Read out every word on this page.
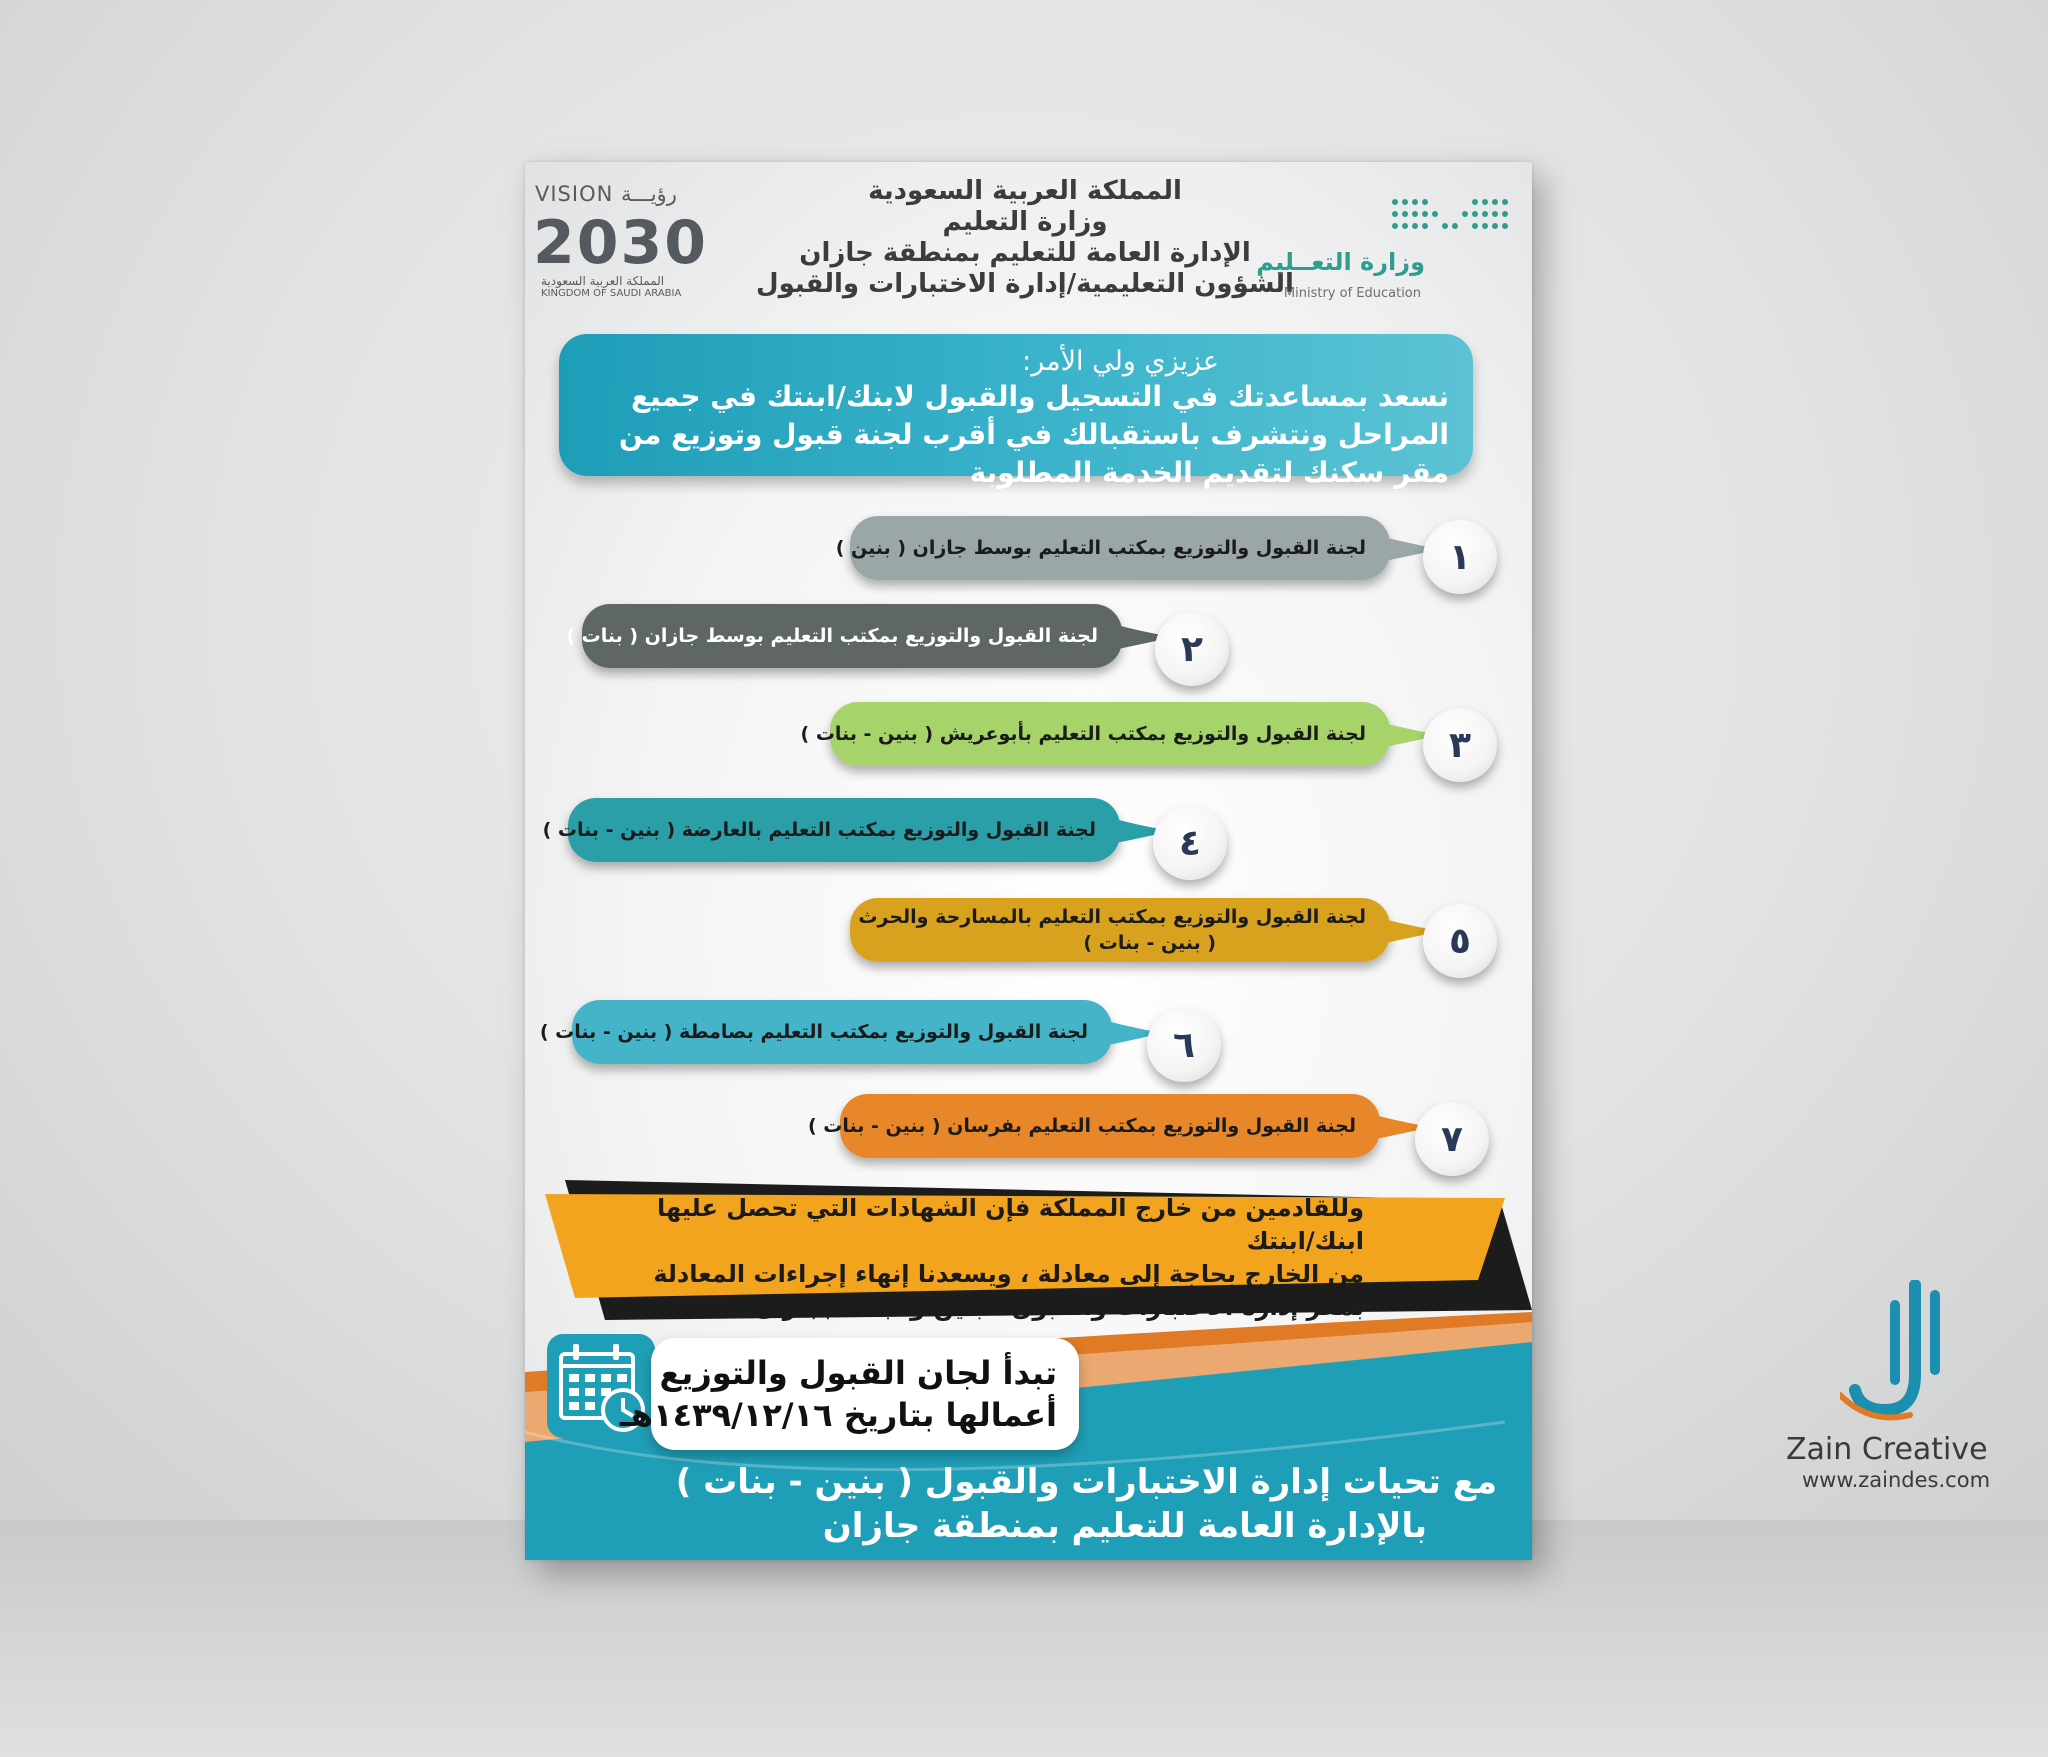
VISION رؤيـــة
2030
المملكة العربية السعودية
KINGDOM OF SAUDI ARABIA
المملكة العربية السعودية
وزارة التعليم
الإدارة العامة للتعليم بمنطقة جازان
الشؤون التعليمية/إدارة الاختبارات والقبول
وزارة التعــليم
Ministry of Education
عزيزي ولي الأمر:
نسعد بمساعدتك في التسجيل والقبول لابنك/ابنتك في جميع المراحل ونتشرف باستقبالك في أقرب لجنة قبول وتوزيع من مقر سكنك لتقديم الخدمة المطلوبة
لجنة القبول والتوزيع بمكتب التعليم بوسط جازان ( بنين )	١
لجنة القبول والتوزيع بمكتب التعليم بوسط جازان ( بنات )	٢
لجنة القبول والتوزيع بمكتب التعليم بأبوعريش ( بنين - بنات )	٣
لجنة القبول والتوزيع بمكتب التعليم بالعارضة ( بنين - بنات )	٤
لجنة القبول والتوزيع بمكتب التعليم بالمسارحة والحرث
( بنين - بنات )	٥
لجنة القبول والتوزيع بمكتب التعليم بصامطة ( بنين - بنات )	٦
لجنة القبول والتوزيع بمكتب التعليم بفرسان ( بنين - بنات )	٧
وللقادمين من خارج المملكة فإن الشهادات التي تحصل عليها ابنك/ابنتك
من الخارج بحاجة إلى معادلة ، ويسعدنا إنهاء إجراءات المعادلة
بمقر إدارة الاختبارات والقبول للبنين والبنات بجازان
تبدأ لجان القبول والتوزيع
أعمالها بتاريخ ١٤٣٩/١٢/١٦هـ
مع تحيات إدارة الاختبارات والقبول ( بنين - بنات )
بالإدارة العامة للتعليم بمنطقة جازان
Zain Creative
www.zaindes.com
